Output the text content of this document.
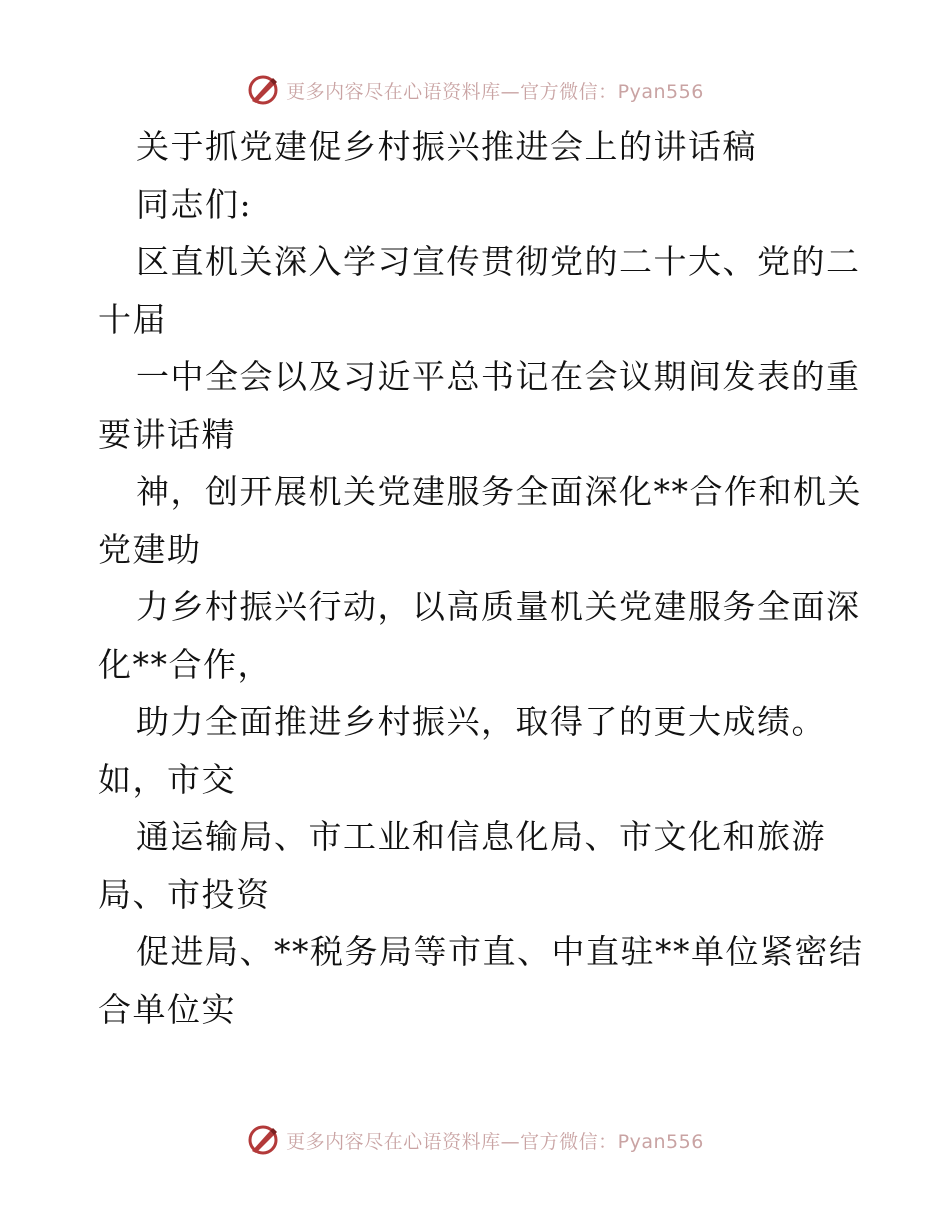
更多内容尽在心语资料库—官方微信：Pyan556
关于抓党建促乡村振兴推进会上的讲话稿
同志们:
区直机关深入学习宣传贯彻党的二十大、党的二
十届
一中全会以及习近平总书记在会议期间发表的重
要讲话精
神，创开展机关党建服务全面深化**合作和机关
党建助
力乡村振兴行动，以高质量机关党建服务全面深
化**合作，
助力全面推进乡村振兴，取得了的更大成绩。
如，市交
通运输局、市工业和信息化局、市文化和旅游
局、市投资
促进局、**税务局等市直、中直驻**单位紧密结
合单位实
更多内容尽在心语资料库—官方微信：Pyan556
